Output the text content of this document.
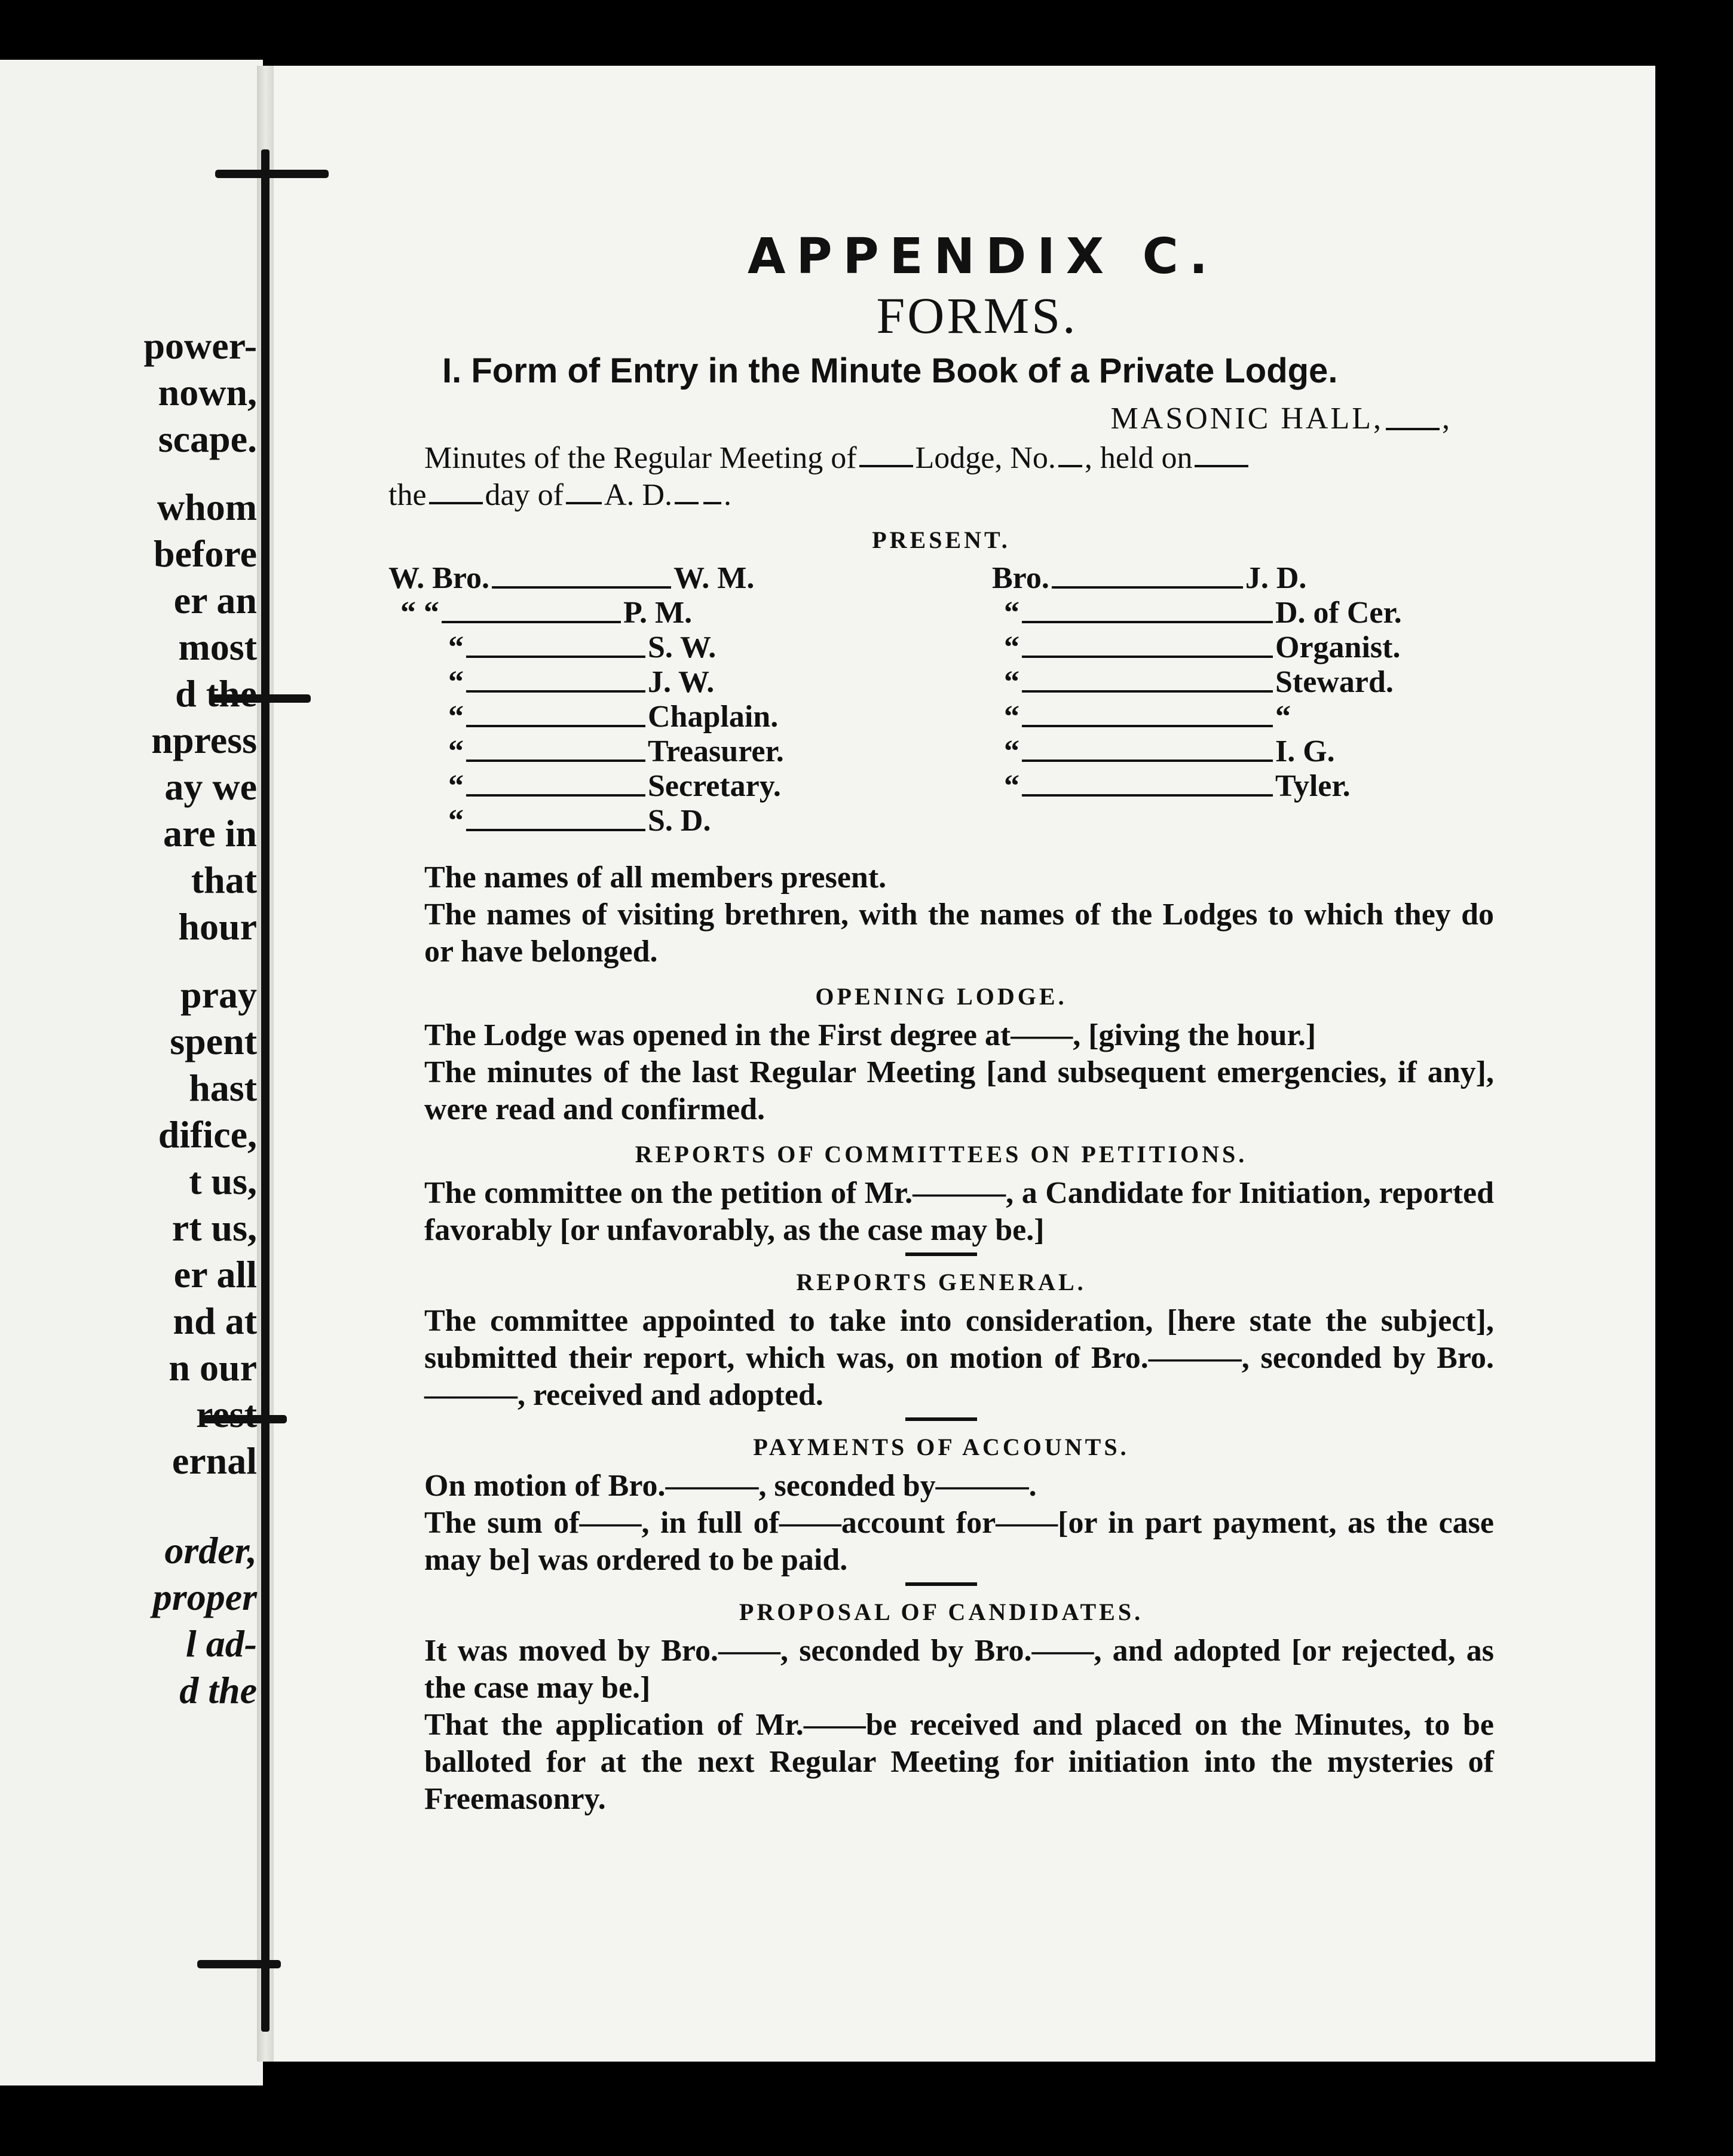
power-
nown,
scape.
whom
before
er an
most
d the
npress
ay we
are in
that
hour
pray
spent
hast
difice,
t us,
rt us,
er all
nd at
n our
rest
ernal
order,
proper
l ad-
d the
APPENDIX C.
FORMS.
I. Form of Entry in the Minute Book of a Private Lodge.
MASONIC HALL, ,
Minutes of the Regular Meeting of Lodge, No. , held on
the day of A. D. .
PRESENT.
W. Bro.	W. M.
“ “	P. M.
“	S. W.
“	J. W.
“	Chaplain.
“	Treasurer.
“	Secretary.
“	S. D.
Bro.	J. D.
“	D. of Cer.
“	Organist.
“	Steward.
“	“
“	I. G.
“	Tyler.
The names of all members present.
The names of visiting brethren, with the names of the Lodges to which they do or have belonged.
OPENING LODGE.
The Lodge was opened in the First degree at——, [giving the hour.]
The minutes of the last Regular Meeting [and subsequent emergencies, if any], were read and confirmed.
REPORTS OF COMMITTEES ON PETITIONS.
The committee on the petition of Mr.———, a Candidate for Initiation, reported favorably [or unfavorably, as the case may be.]
REPORTS GENERAL.
The committee appointed to take into consideration, [here state the subject], submitted their report, which was, on motion of Bro.———, seconded by Bro.———, received and adopted.
PAYMENTS OF ACCOUNTS.
On motion of Bro.———, seconded by———.
The sum of——, in full of——account for——[or in part payment, as the case may be] was ordered to be paid.
PROPOSAL OF CANDIDATES.
It was moved by Bro.——, seconded by Bro.——, and adopted [or rejected, as the case may be.]
That the application of Mr.——be received and placed on the Minutes, to be balloted for at the next Regular Meeting for initiation into the mysteries of Freemasonry.
